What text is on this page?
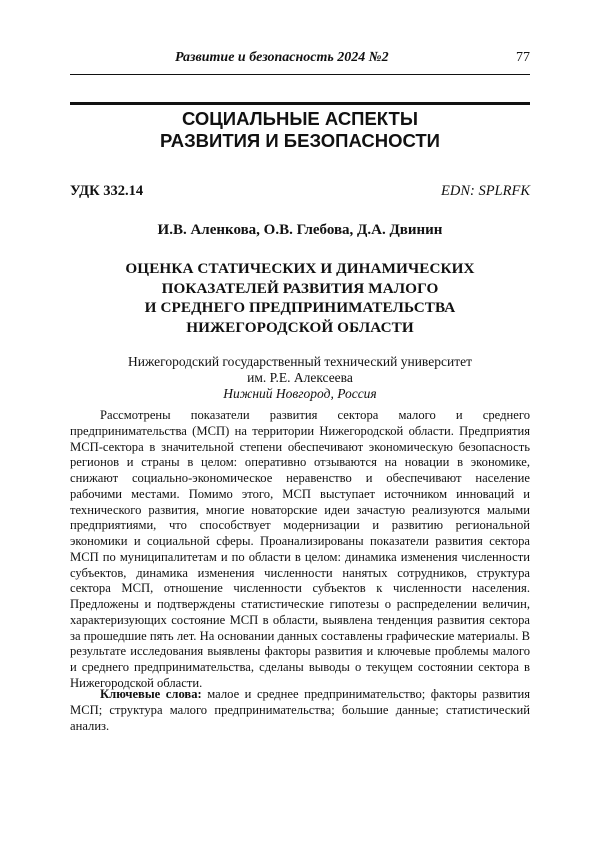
Развитие и безопасность 2024 №2	77
СОЦИАЛЬНЫЕ АСПЕКТЫ
РАЗВИТИЯ И БЕЗОПАСНОСТИ
УДК 332.14	EDN: SPLRFK
И.В. Аленкова, О.В. Глебова, Д.А. Двинин
ОЦЕНКА СТАТИЧЕСКИХ И ДИНАМИЧЕСКИХ
ПОКАЗАТЕЛЕЙ РАЗВИТИЯ МАЛОГО
И СРЕДНЕГО ПРЕДПРИНИМАТЕЛЬСТВА
НИЖЕГОРОДСКОЙ ОБЛАСТИ
Нижегородский государственный технический университет
им. Р.Е. Алексеева
Нижний Новгород, Россия

Рассмотрены показатели развития сектора малого и среднего предпринимательства (МСП) на территории Нижегородской области. Предприятия МСП-сектора в значительной степени обеспечивают экономическую безопасность регионов и страны в целом: оперативно отзываются на новации в экономике, снижают социально-экономическое неравенство и обеспечивают население рабочими местами. Помимо этого, МСП выступает источником инноваций и технического развития, многие новаторские идеи зачастую реализуются малыми предприятиями, что способствует модернизации и развитию региональной экономики и социальной сферы. Проанализированы показатели развития сектора МСП по муниципалитетам и по области в целом: динамика изменения численности субъектов, динамика изменения численности нанятых сотрудников, структура сектора МСП, отношение численности субъектов к численности населения. Предложены и подтверждены статистические гипотезы о распределении величин, характеризующих состояние МСП в области, выявлена тенденция развития сектора за прошедшие пять лет. На основании данных составлены графические материалы. В результате исследования выявлены факторы развития и ключевые проблемы малого и среднего предпринимательства, сделаны выводы о текущем состоянии сектора в Нижегородской области.

Ключевые слова: малое и среднее предпринимательство; факторы развития МСП; структура малого предпринимательства; большие данные; статистический анализ.
